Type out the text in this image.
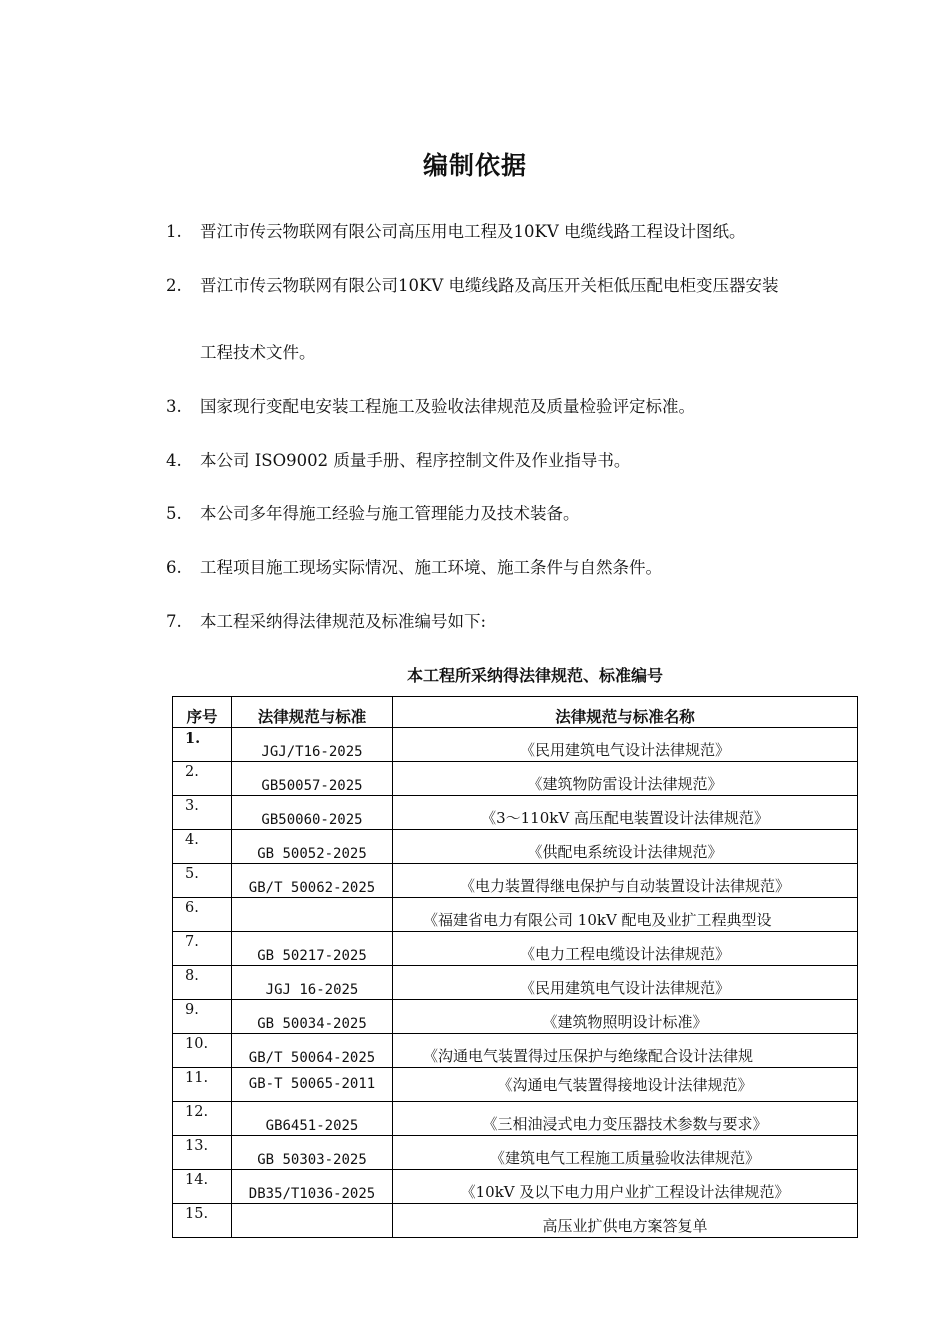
编制依据
1. 晋江市传云物联网有限公司高压用电工程及10KV 电缆线路工程设计图纸。
2. 晋江市传云物联网有限公司10KV 电缆线路及高压开关柜低压配电柜变压器安装
工程技术文件。
3. 国家现行变配电安装工程施工及验收法律规范及质量检验评定标准。
4. 本公司 ISO9002 质量手册、程序控制文件及作业指导书。
5. 本公司多年得施工经验与施工管理能力及技术装备。
6. 工程项目施工现场实际情况、施工环境、施工条件与自然条件。
7. 本工程采纳得法律规范及标准编号如下:
本工程所采纳得法律规范、标准编号
序号	法律规范与标准	法律规范与标准名称
1.	JGJ/T16-2025	《民用建筑电气设计法律规范》
2.	GB50057-2025	《建筑物防雷设计法律规范》
3.	GB50060-2025	《3～110kV 高压配电装置设计法律规范》
4.	GB 50052-2025	《供配电系统设计法律规范》
5.	GB/T 50062-2025	《电力装置得继电保护与自动装置设计法律规范》
6.		《福建省电力有限公司 10kV 配电及业扩工程典型设
7.	GB 50217-2025	《电力工程电缆设计法律规范》
8.	JGJ 16-2025	《民用建筑电气设计法律规范》
9.	GB 50034-2025	《建筑物照明设计标准》
10.	GB/T 50064-2025	《沟通电气装置得过压保护与绝缘配合设计法律规
11.	GB-T 50065-2011	《沟通电气装置得接地设计法律规范》
12.	GB6451-2025	《三相油浸式电力变压器技术参数与要求》
13.	GB 50303-2025	《建筑电气工程施工质量验收法律规范》
14.	DB35/T1036-2025	《10kV 及以下电力用户业扩工程设计法律规范》
15.		高压业扩供电方案答复单
